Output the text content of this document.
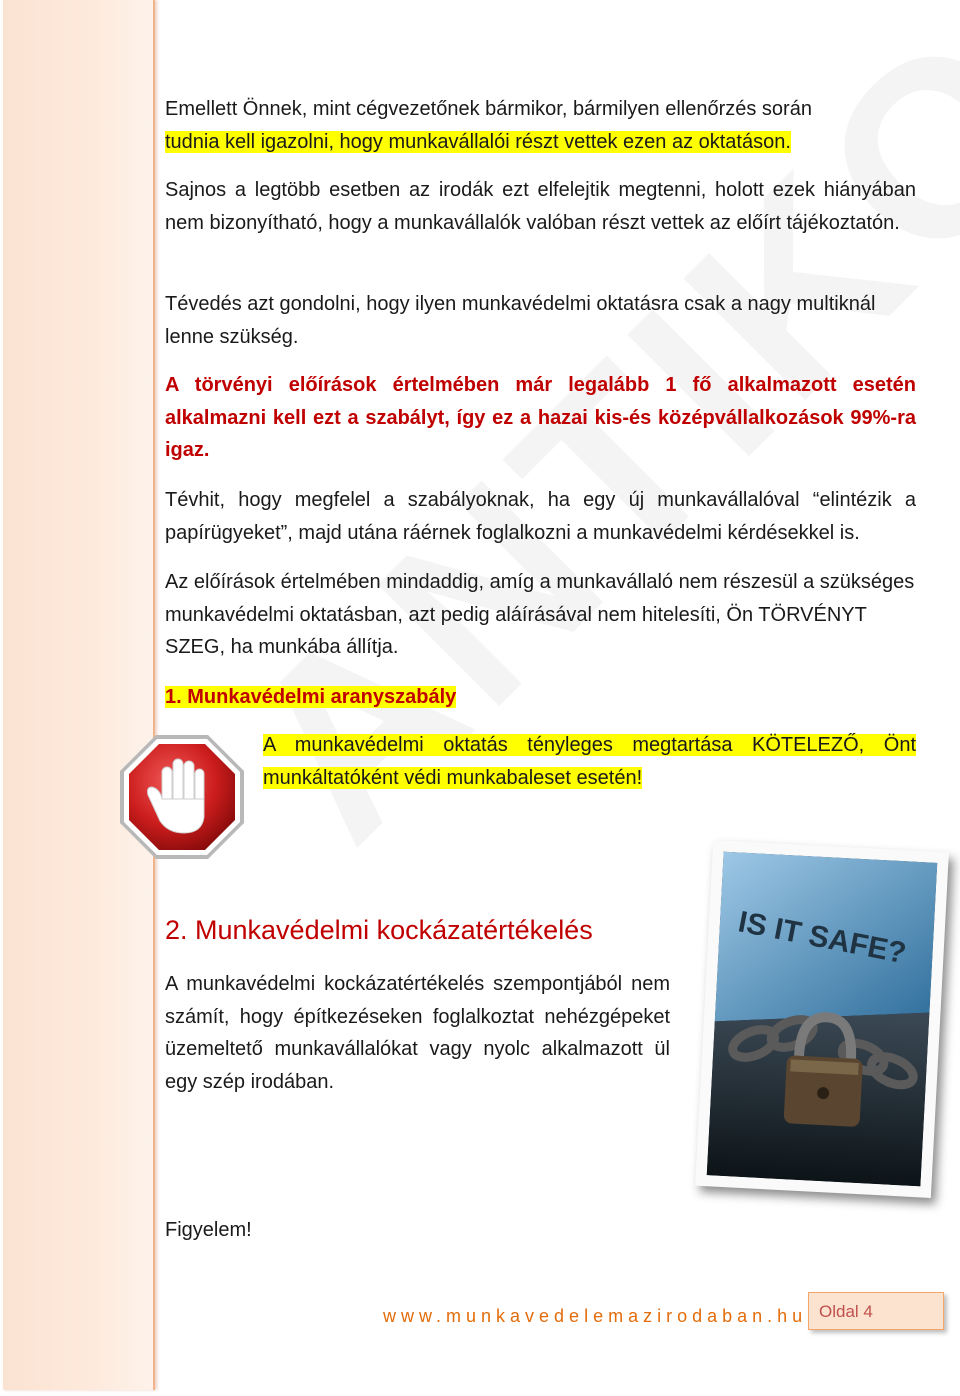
Emellett Önnek, mint cégvezetőnek bármikor, bármilyen ellenőrzés során
tudnia kell igazolni, hogy munkavállalói részt vettek ezen az oktatáson.

Sajnos a legtöbb esetben az irodák ezt elfelejtik megtenni, holott ezek hiányában nem bizonyítható, hogy a munkavállalók valóban részt vettek az előírt tájékoztatón.

Tévedés azt gondolni, hogy ilyen munkavédelmi oktatásra csak a nagy multiknál lenne szükség.

A törvényi előírások értelmében már legalább 1 fő alkalmazott esetén alkalmazni kell ezt a szabályt, így ez a hazai kis-és középvállalkozások 99%-ra igaz.

Tévhit, hogy megfelel a szabályoknak, ha egy új munkavállalóval “elintézik a papírügyeket”, majd utána ráérnek foglalkozni a munkavédelmi kérdésekkel is.

Az előírások értelmében mindaddig, amíg a munkavállaló nem részesül a szükséges munkavédelmi oktatásban, azt pedig aláírásával nem hitelesíti, Ön TÖRVÉNYT SZEG, ha munkába állítja.

1. Munkavédelmi aranyszabály

A munkavédelmi oktatás tényleges megtartása KÖTELEZŐ, Önt munkáltatóként védi munkabaleset esetén!

IS IT SAFE?

2. Munkavédelmi kockázatértékelés

A munkavédelmi kockázatértékelés szempontjából nem számít, hogy építkezéseken foglalkoztat nehézgépeket üzemeltető munkavállalókat vagy nyolc alkalmazott ül egy szép irodában.

Figyelem!

www.munkavedelemazirodaban.hu Oldal 4
